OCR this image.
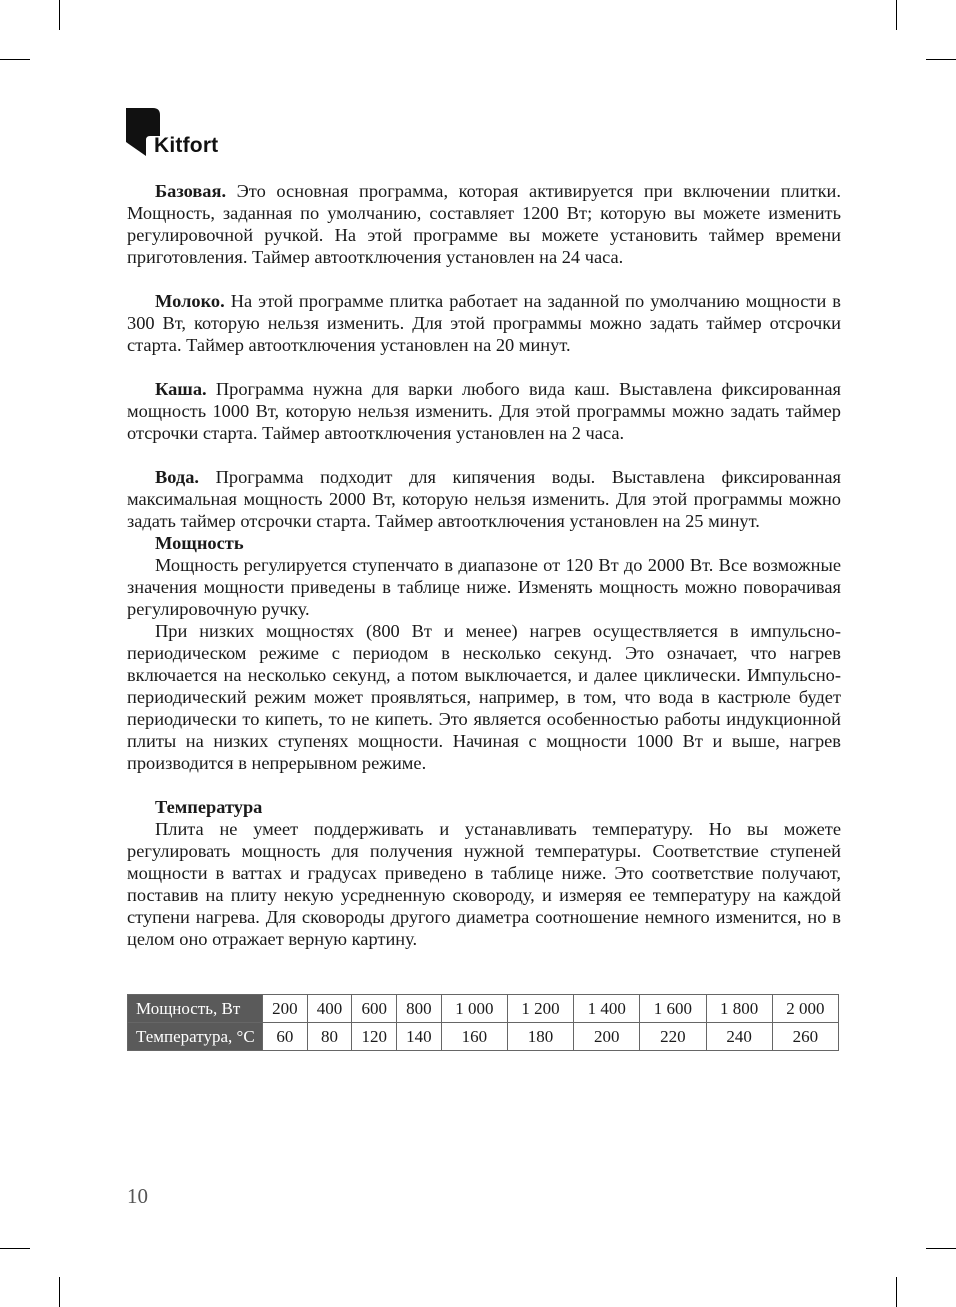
Kitfort

Базовая. Это основная программа, которая активируется при включении плитки. Мощность, заданная по умолчанию, составляет 1200 Вт; которую вы можете изменить регулировочной ручкой. На этой программе вы можете установить таймер времени приготовления. Таймер автоотключения установлен на 24 часа.

Молоко. На этой программе плитка работает на заданной по умолчанию мощности в 300 Вт, которую нельзя изменить. Для этой программы можно задать таймер отсрочки старта. Таймер автоотключения установлен на 20 минут.

Каша. Программа нужна для варки любого вида каш. Выставлена фиксированная мощность 1000 Вт, которую нельзя изменить. Для этой программы можно задать таймер отсрочки старта. Таймер автоотключения установлен на 2 часа.

Вода. Программа подходит для кипячения воды. Выставлена фиксированная максимальная мощность 2000 Вт, которую нельзя изменить. Для этой программы можно задать таймер отсрочки старта. Таймер автоотключения установлен на 25 минут.

Мощность

Мощность регулируется ступенчато в диапазоне от 120 Вт до 2000 Вт. Все возможные значения мощности приведены в таблице ниже. Изменять мощность можно поворачивая регулировочную ручку.

При низких мощностях (800 Вт и менее) нагрев осуществляется в импульсно-периодическом режиме с периодом в несколько секунд. Это означает, что нагрев включается на несколько секунд, а потом выключается, и далее циклически. Импульсно-периодический режим может проявляться, например, в том, что вода в кастрюле будет периодически то кипеть, то не кипеть. Это является особенностью работы индукционной плиты на низких ступенях мощности. Начиная с мощности 1000 Вт и выше, нагрев производится в непрерывном режиме.

Температура

Плита не умеет поддерживать и устанавливать температуру. Но вы можете регулировать мощность для получения нужной температуры. Соответствие ступеней мощности в ваттах и градусах приведено в таблице ниже. Это соответствие получают, поставив на плиту некую усредненную сковороду, и измеряя ее температуру на каждой ступени нагрева. Для сковороды другого диаметра соотношение немного изменится, но в целом оно отражает верную картину.

Мощность, Вт	200	400	600	800	1 000	1 200	1 400	1 600	1 800	2 000
Температура, °C	60	80	120	140	160	180	200	220	240	260
10
